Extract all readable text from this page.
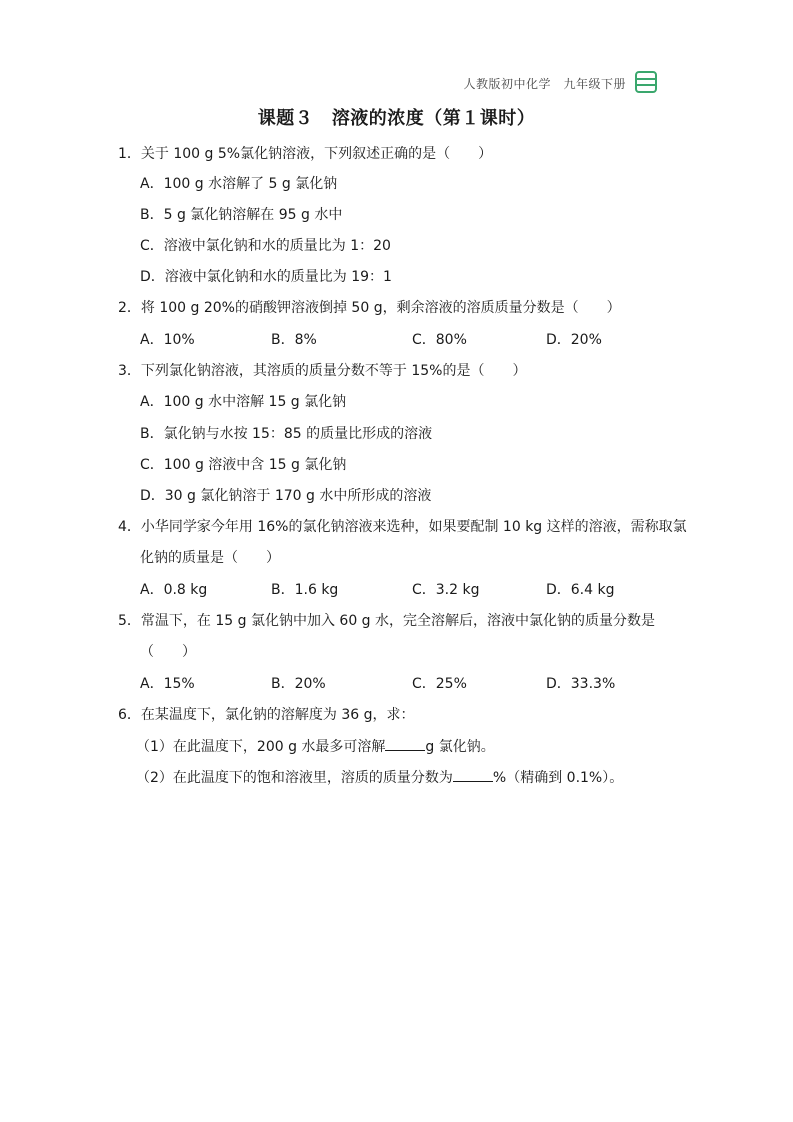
人教版初中化学　九年级下册
课题３　溶液的浓度（第１课时）
1．关于 100 g 5%氯化钠溶液，下列叙述正确的是（　　）
A．100 g 水溶解了 5 g 氯化钠
B．5 g 氯化钠溶解在 95 g 水中
C．溶液中氯化钠和水的质量比为 1：20
D．溶液中氯化钠和水的质量比为 19：1
2．将 100 g 20%的硝酸钾溶液倒掉 50 g，剩余溶液的溶质质量分数是（　　）
A．10%	B．8%	C．80%	D．20%
3．下列氯化钠溶液，其溶质的质量分数不等于 15%的是（　　）
A．100 g 水中溶解 15 g 氯化钠
B．氯化钠与水按 15：85 的质量比形成的溶液
C．100 g 溶液中含 15 g 氯化钠
D．30 g 氯化钠溶于 170 g 水中所形成的溶液
4．小华同学家今年用 16%的氯化钠溶液来选种，如果要配制 10 kg 这样的溶液，需称取氯
化钠的质量是（　　）
A．0.8 kg	B．1.6 kg	C．3.2 kg	D．6.4 kg
5．常温下，在 15 g 氯化钠中加入 60 g 水，完全溶解后，溶液中氯化钠的质量分数是
（　　）
A．15%	B．20%	C．25%	D．33.3%
6．在某温度下，氯化钠的溶解度为 36 g，求：
（1）在此温度下，200 g 水最多可溶解	g 氯化钠。
（2）在此温度下的饱和溶液里，溶质的质量分数为	%（精确到 0.1%）。
